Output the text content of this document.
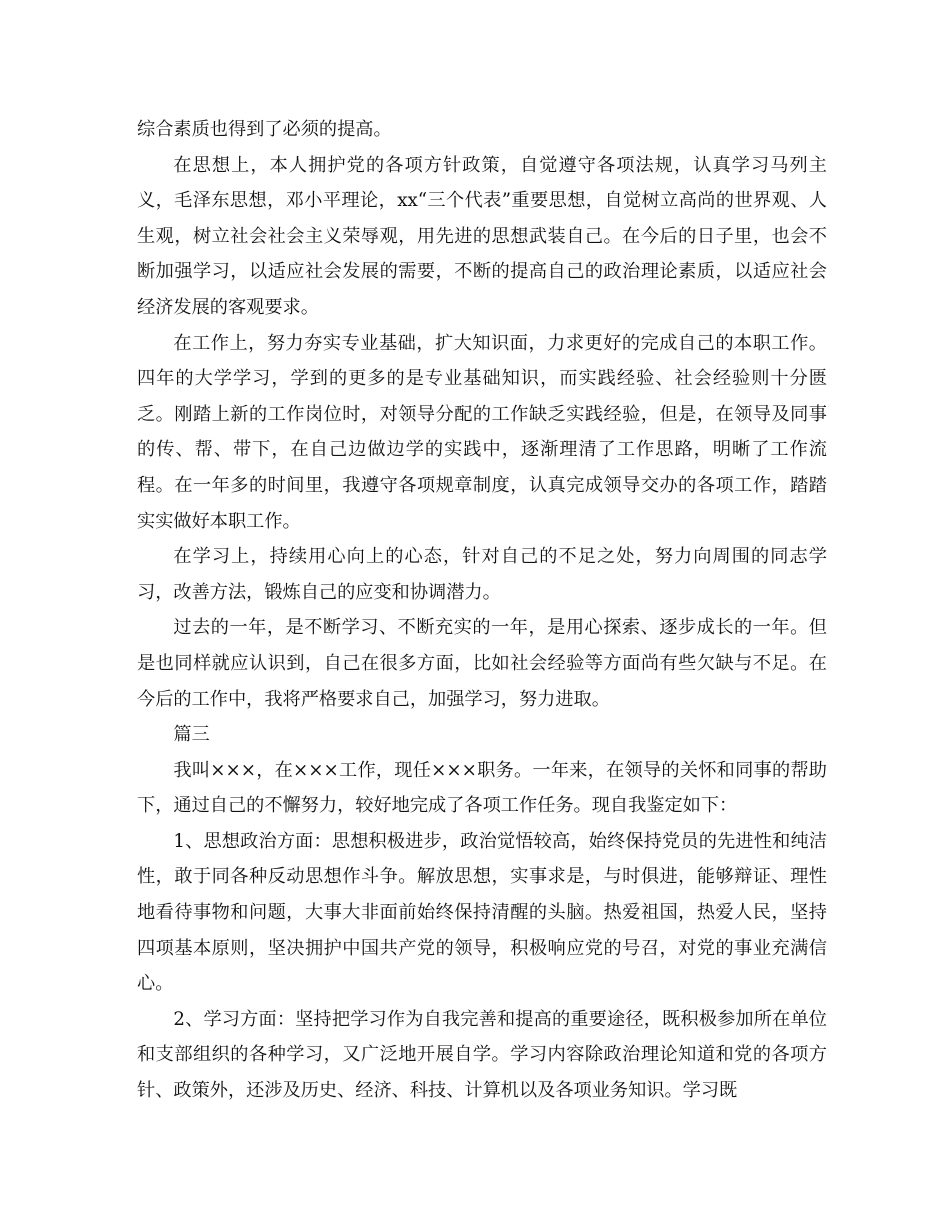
综合素质也得到了必须的提高。

在思想上，本人拥护党的各项方针政策，自觉遵守各项法规，认真学习马列主义，毛泽东思想，邓小平理论，xx“三个代表”重要思想，自觉树立高尚的世界观、人生观，树立社会社会主义荣辱观，用先进的思想武装自己。在今后的日子里，也会不断加强学习，以适应社会发展的需要，不断的提高自己的政治理论素质，以适应社会经济发展的客观要求。

在工作上，努力夯实专业基础，扩大知识面，力求更好的完成自己的本职工作。四年的大学学习，学到的更多的是专业基础知识，而实践经验、社会经验则十分匮乏。刚踏上新的工作岗位时，对领导分配的工作缺乏实践经验，但是，在领导及同事的传、帮、带下，在自己边做边学的实践中，逐渐理清了工作思路，明晰了工作流程。在一年多的时间里，我遵守各项规章制度，认真完成领导交办的各项工作，踏踏实实做好本职工作。

在学习上，持续用心向上的心态，针对自己的不足之处，努力向周围的同志学习，改善方法，锻炼自己的应变和协调潜力。

过去的一年，是不断学习、不断充实的一年，是用心探索、逐步成长的一年。但是也同样就应认识到，自己在很多方面，比如社会经验等方面尚有些欠缺与不足。在今后的工作中，我将严格要求自己，加强学习，努力进取。

篇三

我叫×××，在×××工作，现任×××职务。一年来，在领导的关怀和同事的帮助下，通过自己的不懈努力，较好地完成了各项工作任务。现自我鉴定如下：

1、思想政治方面：思想积极进步，政治觉悟较高，始终保持党员的先进性和纯洁性，敢于同各种反动思想作斗争。解放思想，实事求是，与时俱进，能够辩证、理性地看待事物和问题，大事大非面前始终保持清醒的头脑。热爱祖国，热爱人民，坚持四项基本原则，坚决拥护中国共产党的领导，积极响应党的号召，对党的事业充满信心。

2、学习方面：坚持把学习作为自我完善和提高的重要途径，既积极参加所在单位和支部组织的各种学习，又广泛地开展自学。学习内容除政治理论知道和党的各项方针、政策外，还涉及历史、经济、科技、计算机以及各项业务知识。学习既
